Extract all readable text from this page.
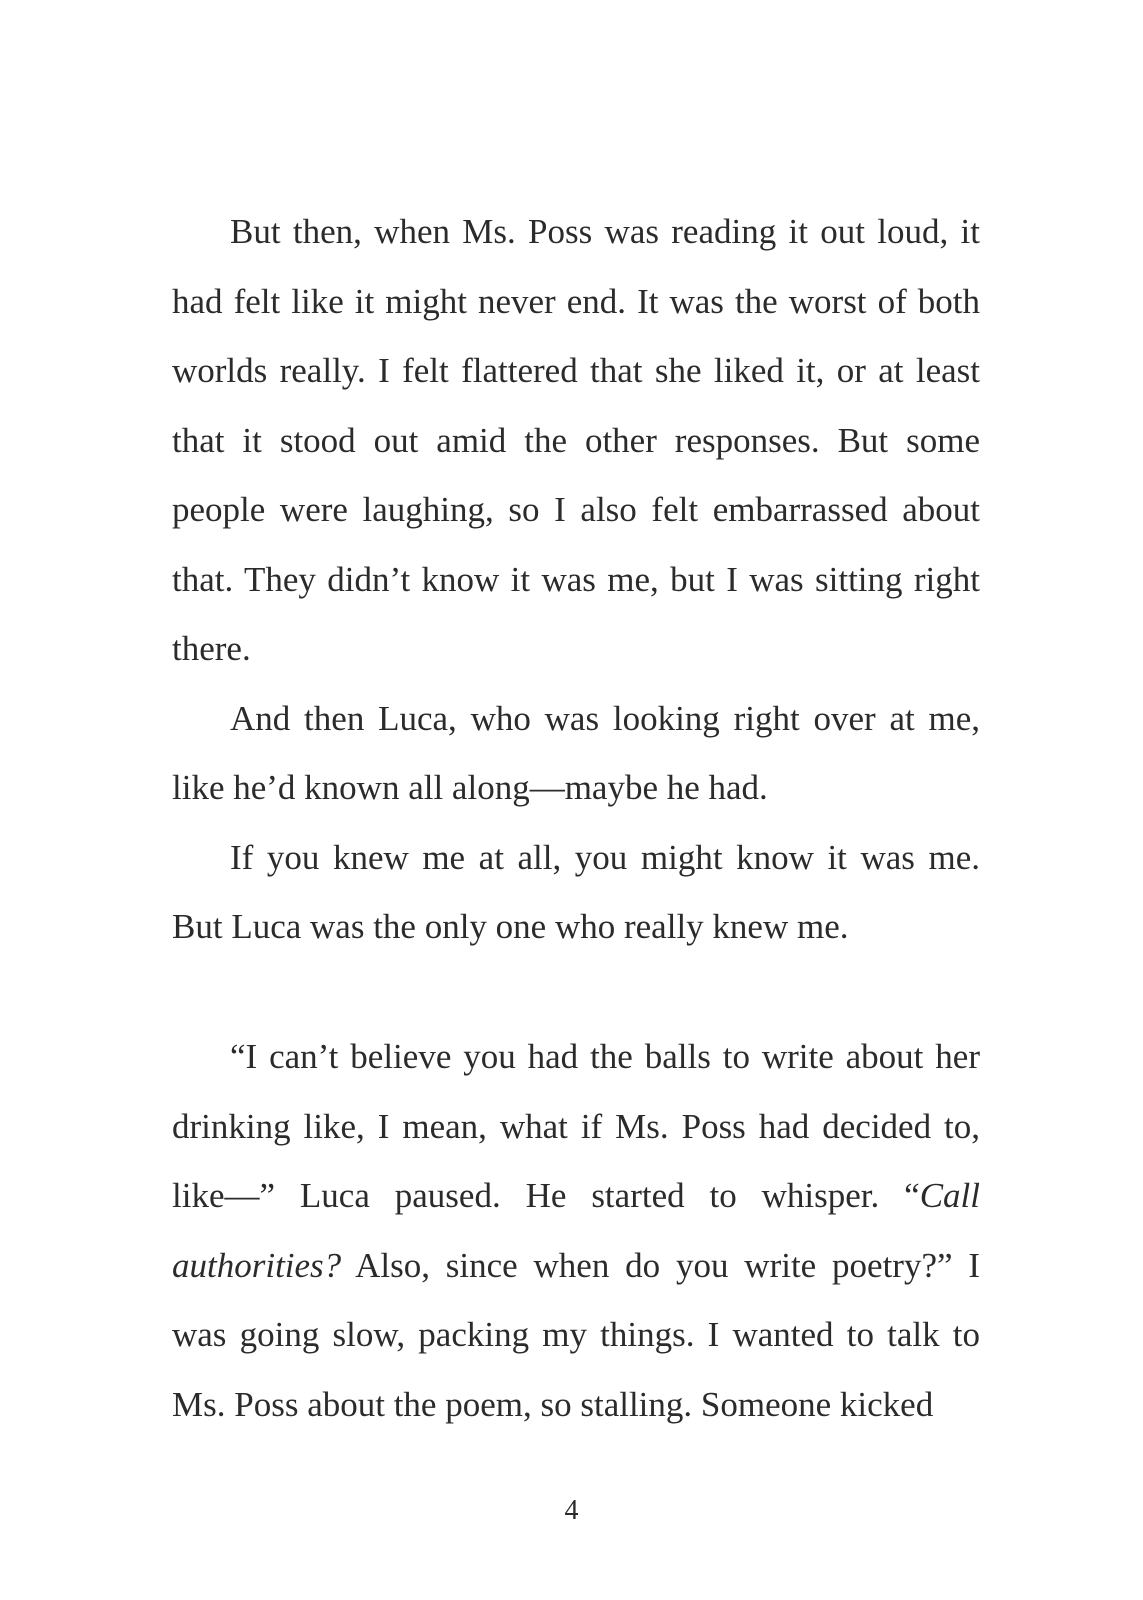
But then, when Ms. Poss was reading it out loud, it had felt like it might never end. It was the worst of both worlds really. I felt flattered that she liked it, or at least that it stood out amid the other responses. But some people were laughing, so I also felt embarrassed about that. They didn’t know it was me, but I was sitting right there.

And then Luca, who was looking right over at me, like he’d known all along—maybe he had.

If you knew me at all, you might know it was me. But Luca was the only one who really knew me.

“I can’t believe you had the balls to write about her drinking like, I mean, what if Ms. Poss had decided to, like—” Luca paused. He started to whisper. “Call authorities? Also, since when do you write poetry?” I was going slow, packing my things. I wanted to talk to Ms. Poss about the poem, so stalling. Someone kicked

4
